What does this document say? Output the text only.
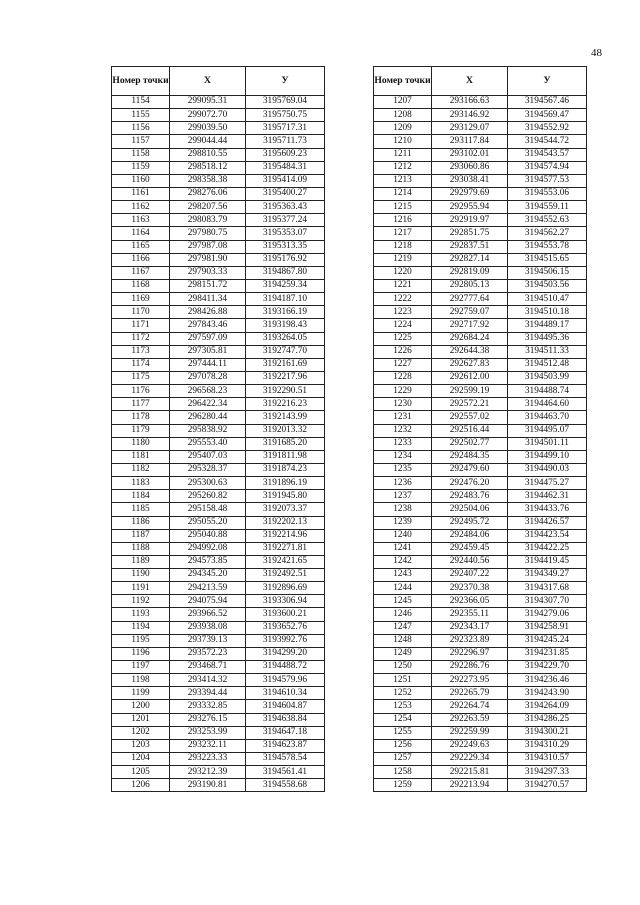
48
Номер точки	Х	У
1154	299095.31	3195769.04
1155	299072.70	3195750.75
1156	299039.50	3195717.31
1157	299044.44	3195711.73
1158	298810.55	3195609.23
1159	298518.12	3195484.31
1160	298358.38	3195414.09
1161	298276.06	3195400.27
1162	298207.56	3195363.43
1163	298083.79	3195377.24
1164	297980.75	3195353.07
1165	297987.08	3195313.35
1166	297981.90	3195176.92
1167	297903.33	3194867.80
1168	298151.72	3194259.34
1169	298411.34	3194187.10
1170	298426.88	3193166.19
1171	297843.46	3193198.43
1172	297597.09	3193264.05
1173	297305.81	3192747.70
1174	297444.11	3192161.69
1175	297078.28	3192217.96
1176	296568.23	3192290.51
1177	296422.34	3192216.23
1178	296280.44	3192143.99
1179	295838.92	3192013.32
1180	295553.40	3191685.20
1181	295407.03	3191811.98
1182	295328.37	3191874.23
1183	295300.63	3191896.19
1184	295260.82	3191945.80
1185	295158.48	3192073.37
1186	295055.20	3192202.13
1187	295040.88	3192214.96
1188	294992.08	3192271.81
1189	294573.85	3192421.65
1190	294345.20	3192492.51
1191	294213.59	3192896.69
1192	294075.94	3193306.94
1193	293966.52	3193600.21
1194	293938.08	3193652.76
1195	293739.13	3193992.76
1196	293572.23	3194299.20
1197	293468.71	3194488.72
1198	293414.32	3194579.96
1199	293394.44	3194610.34
1200	293332.85	3194604.87
1201	293276.15	3194638.84
1202	293253.99	3194647.18
1203	293232.11	3194623.87
1204	293223.33	3194578.54
1205	293212.39	3194561.41
1206	293190.81	3194558.68
Номер точки	Х	У
1207	293166.63	3194567.46
1208	293146.92	3194569.47
1209	293129.07	3194552.92
1210	293117.84	3194544.72
1211	293102.01	3194543.57
1212	293060.86	3194574.94
1213	293038.41	3194577.53
1214	292979.69	3194553.06
1215	292955.94	3194559.11
1216	292919.97	3194552.63
1217	292851.75	3194562.27
1218	292837.51	3194553.78
1219	292827.14	3194515.65
1220	292819.09	3194506.15
1221	292805.13	3194503.56
1222	292777.64	3194510.47
1223	292759.07	3194510.18
1224	292717.92	3194489.17
1225	292684.24	3194495.36
1226	292644.38	3194511.33
1227	292627.83	3194512.48
1228	292612.00	3194503.99
1229	292599.19	3194488.74
1230	292572.21	3194464.60
1231	292557.02	3194463.70
1232	292516.44	3194495.07
1233	292502.77	3194501.11
1234	292484.35	3194499.10
1235	292479.60	3194490.03
1236	292476.20	3194475.27
1237	292483.76	3194462.31
1238	292504.06	3194433.76
1239	292495.72	3194426.57
1240	292484.06	3194423.54
1241	292459.45	3194422.25
1242	292440.56	3194419.45
1243	292407.22	3194349.27
1244	292370.38	3194317.68
1245	292366.05	3194307.70
1246	292355.11	3194279.06
1247	292343.17	3194258.91
1248	292323.89	3194245.24
1249	292296.97	3194231.85
1250	292286.76	3194229.70
1251	292273.95	3194236.46
1252	292265.79	3194243.90
1253	292264.74	3194264.09
1254	292263.59	3194286.25
1255	292259.99	3194300.21
1256	292249.63	3194310.29
1257	292229.34	3194310.57
1258	292215.81	3194297.33
1259	292213.94	3194270.57
